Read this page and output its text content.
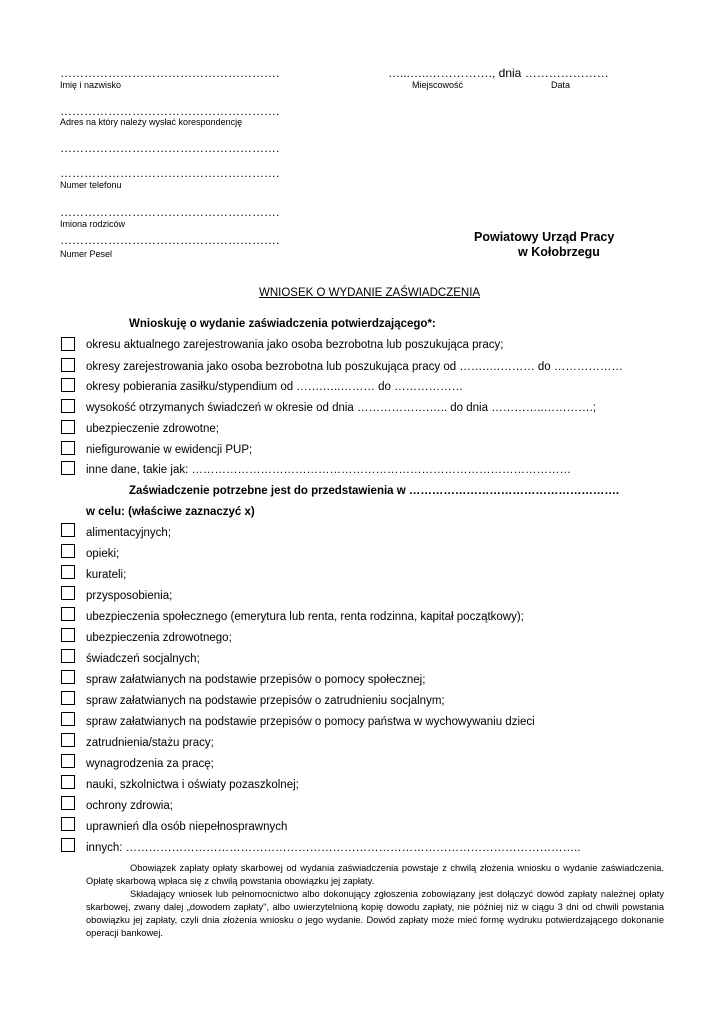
……………………………………………….
Imię i nazwisko
…...…..……………., dnia …………………
Miejscowość	Data
……………………………………………….
Adres na który należy wysłać korespondencję
……………………………………………….
……………………………………………….
Numer telefonu
……………………………………………….
Imiona rodziców
……………………………………………….
Numer Pesel
Powiatowy Urząd Pracy
w Kołobrzegu
WNIOSEK O WYDANIE ZAŚWIADCZENIA
Wnioskuję o wydanie zaświadczenia potwierdzającego*:
okresu aktualnego zarejestrowania jako osoba bezrobotna lub poszukująca pracy;
okresy zarejestrowania jako osoba bezrobotna lub poszukująca pracy od …….….……… do ………………
okresy pobierania zasiłku/stypendium od …….…..……… do ………………
wysokość otrzymanych świadczeń w okresie od dnia ……………….….. do dnia …………..………….;
ubezpieczenie zdrowotne;
niefigurowanie w ewidencji PUP;
inne dane, takie jak: ………………………………………………………………………………………
Zaświadczenie potrzebne jest do przedstawienia w ……………………………………………….
w celu: (właściwe zaznaczyć x)
alimentacyjnych;
opieki;
kurateli;
przysposobienia;
ubezpieczenia społecznego (emerytura lub renta, renta rodzinna, kapitał początkowy);
ubezpieczenia zdrowotnego;
świadczeń socjalnych;
spraw załatwianych na podstawie przepisów o pomocy społecznej;
spraw załatwianych na podstawie przepisów o zatrudnieniu socjalnym;
spraw załatwianych na podstawie przepisów o pomocy państwa w wychowywaniu dzieci
zatrudnienia/stażu pracy;
wynagrodzenia za pracę;
nauki, szkolnictwa i oświaty pozaszkolnej;
ochrony zdrowia;
uprawnień dla osób niepełnosprawnych
innych: ………………………………………………………………………………………………………..

Obowiązek zapłaty opłaty skarbowej od wydania zaświadczenia powstaje z chwilą złożenia wniosku o wydanie zaświadczenia. Opłatę skarbową wpłaca się z chwilą powstania obowiązku jej zapłaty.

Składający wniosek lub pełnomocnictwo albo dokonujący zgłoszenia zobowiązany jest dołączyć dowód zapłaty należnej opłaty skarbowej, zwany dalej „dowodem zapłaty", albo uwierzytelnioną kopię dowodu zapłaty, nie później niż w ciągu 3 dni od chwili powstania obowiązku jej zapłaty, czyli dnia złożenia wniosku o jego wydanie. Dowód zapłaty może mieć formę wydruku potwierdzającego dokonanie operacji bankowej.
